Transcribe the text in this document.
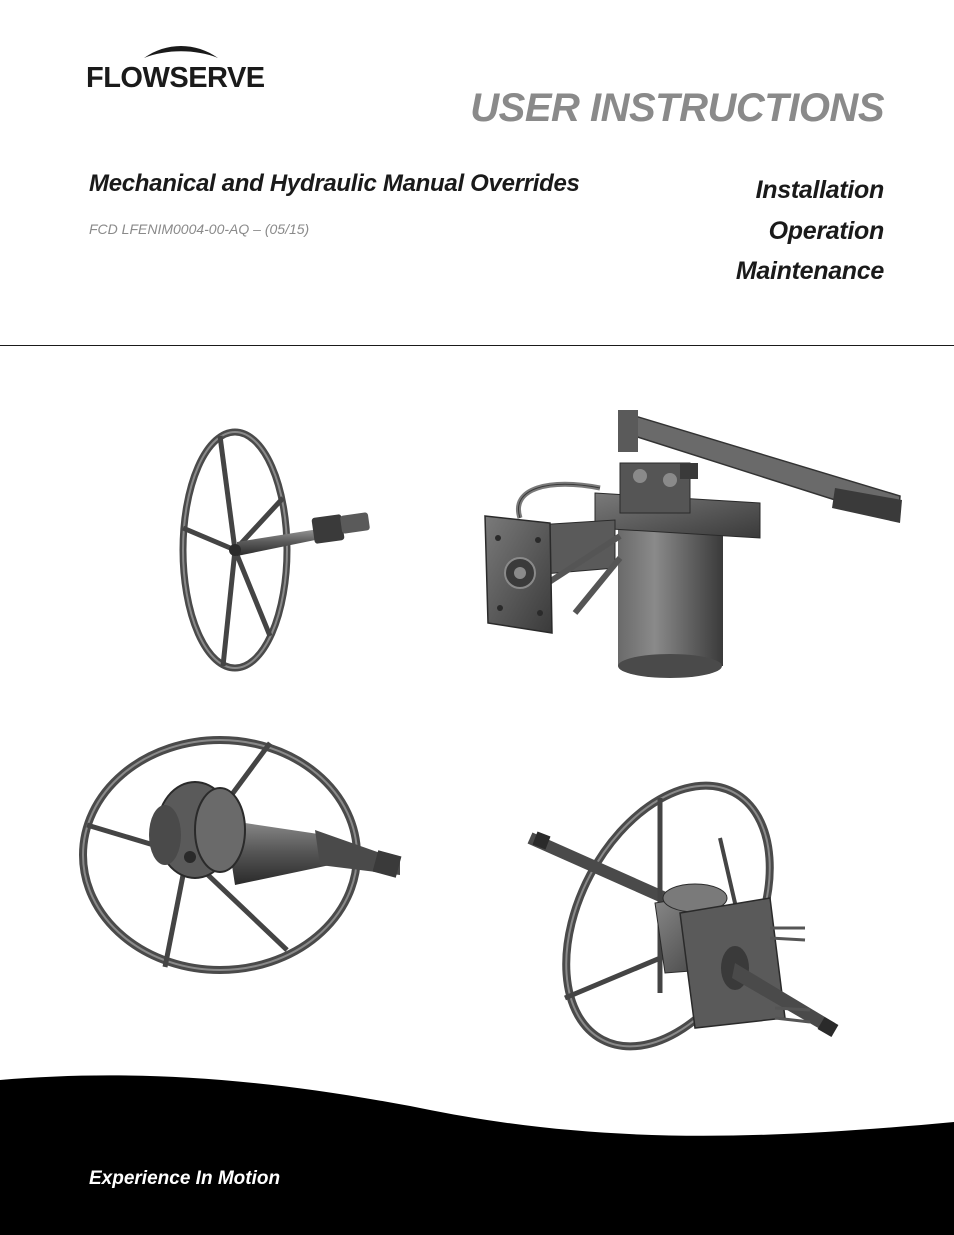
FLOWSERVE
USER INSTRUCTIONS
Mechanical and Hydraulic Manual Overrides
FCD LFENIM0004-00-AQ – (05/15)
Installation
Operation
Maintenance
Experience In Motion
